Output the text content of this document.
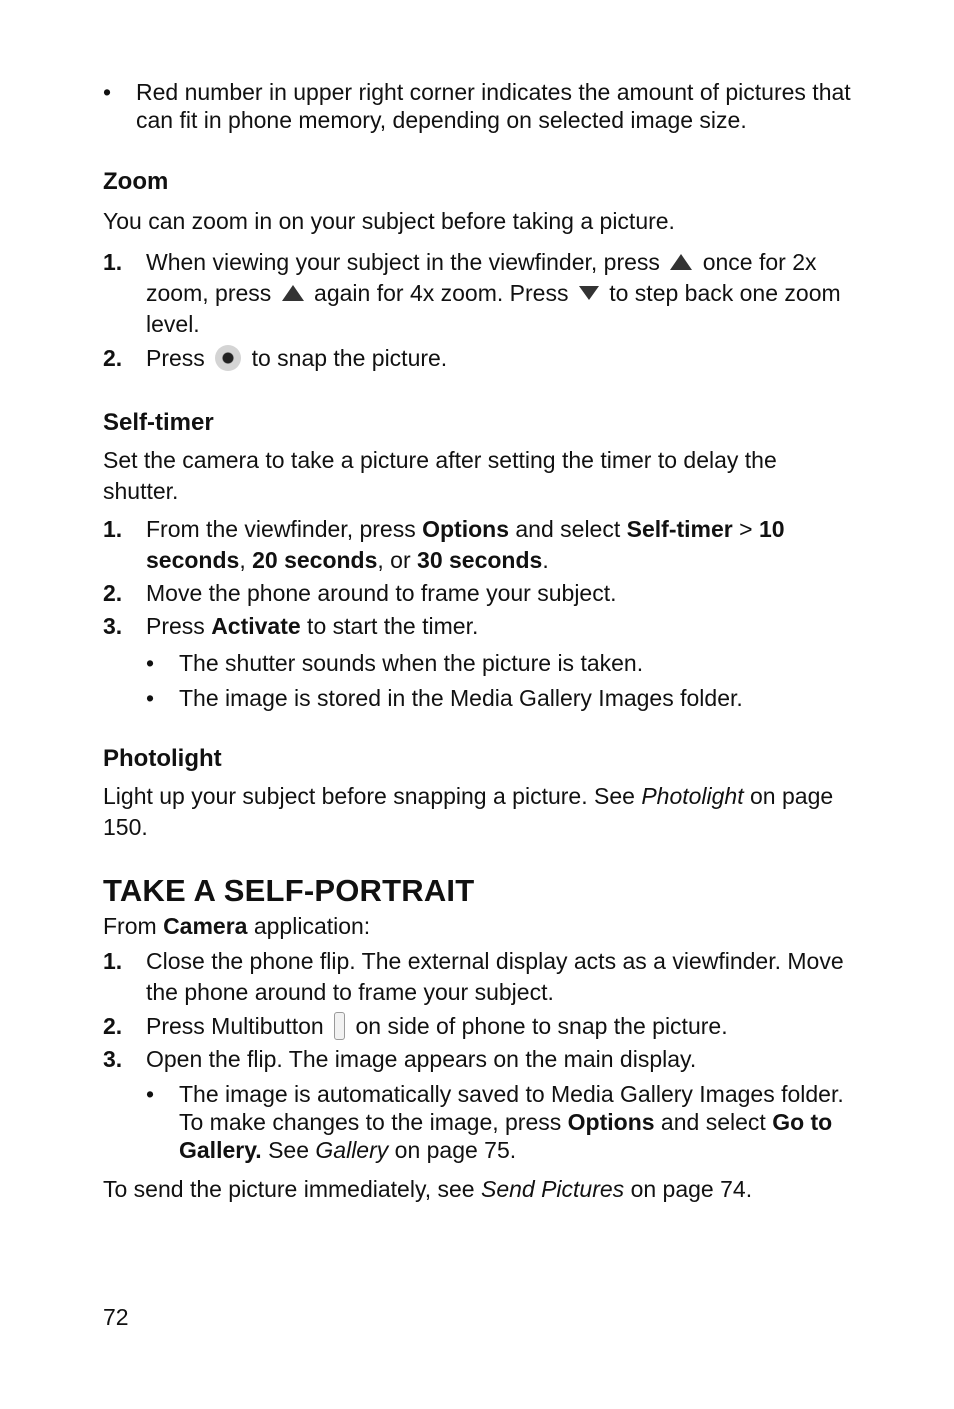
• Red number in upper right corner indicates the amount of pictures that can fit in phone memory, depending on selected image size.
Zoom

You can zoom in on your subject before taking a picture.

1. When viewing your subject in the viewfinder, press once for 2x zoom, press again for 4x zoom. Press to step back one zoom level.
2. Press to snap the picture.
Self-timer

Set the camera to take a picture after setting the timer to delay the shutter.

1. From the viewfinder, press Options and select Self-timer > 10 seconds, 20 seconds, or 30 seconds.
2. Move the phone around to frame your subject.
3. Press Activate to start the timer.
• The shutter sounds when the picture is taken.
• The image is stored in the Media Gallery Images folder.
Photolight

Light up your subject before snapping a picture. See Photolight on page 150.

TAKE A SELF-PORTRAIT

From Camera application:

1. Close the phone flip. The external display acts as a viewfinder. Move the phone around to frame your subject.
2. Press Multibutton on side of phone to snap the picture.
3. Open the flip. The image appears on the main display.
• The image is automatically saved to Media Gallery Images folder. To make changes to the image, press Options and select Go to Gallery. See Gallery on page 75.

To send the picture immediately, see Send Pictures on page 74.

72
